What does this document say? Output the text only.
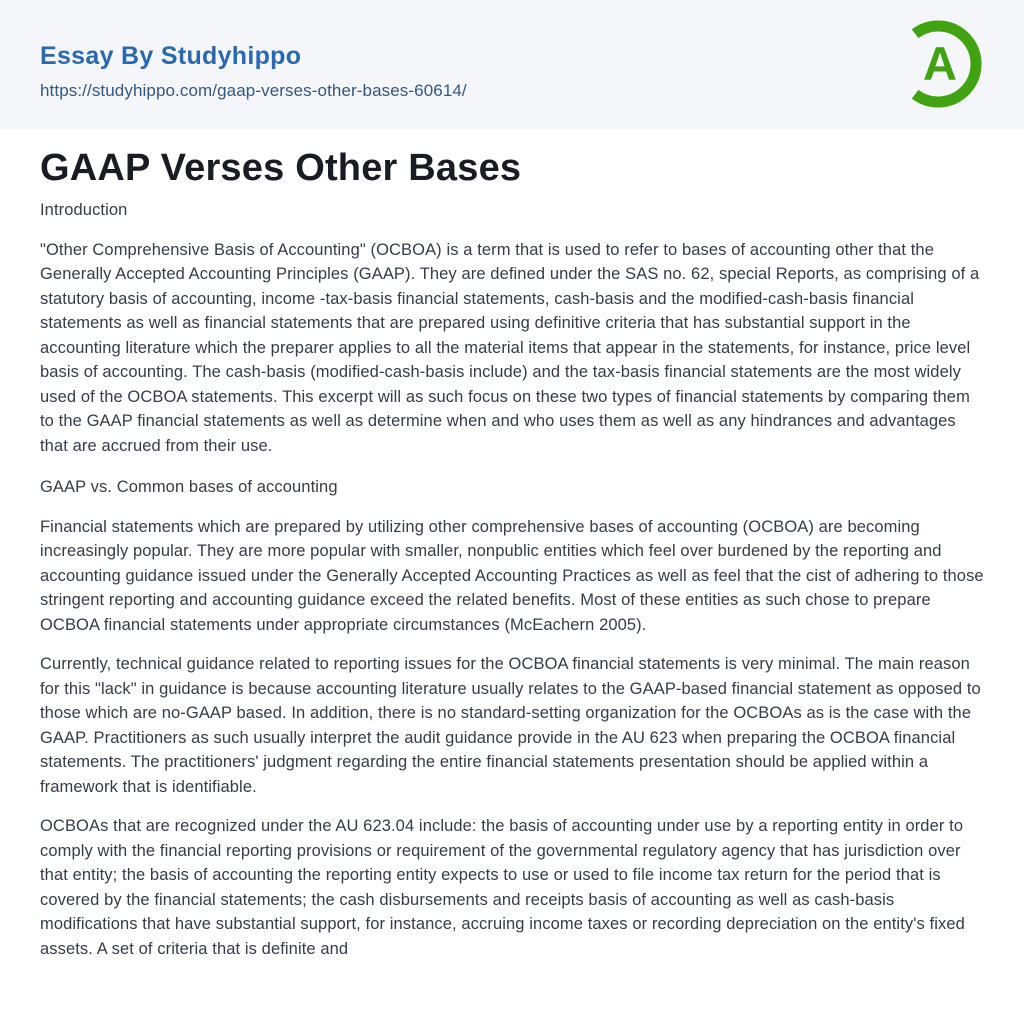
Essay By Studyhippo
https://studyhippo.com/gaap-verses-other-bases-60614/
A
GAAP Verses Other Bases
Introduction
"Other Comprehensive Basis of Accounting" (OCBOA) is a term that is used to refer to bases of accounting other that the Generally Accepted Accounting Principles (GAAP). They are defined under the SAS no. 62, special Reports, as comprising of a statutory basis of accounting, income -tax-basis financial statements, cash-basis and the modified-cash-basis financial statements as well as financial statements that are prepared using definitive criteria that has substantial support in the accounting literature which the preparer applies to all the material items that appear in the statements, for instance, price level basis of accounting. The cash-basis (modified-cash-basis include) and the tax-basis financial statements are the most widely used of the OCBOA statements. This excerpt will as such focus on these two types of financial statements by comparing them to the GAAP financial statements as well as determine when and who uses them as well as any hindrances and advantages that are accrued from their use.
GAAP vs. Common bases of accounting
Financial statements which are prepared by utilizing other comprehensive bases of accounting (OCBOA) are becoming increasingly popular. They are more popular with smaller, nonpublic entities which feel over burdened by the reporting and accounting guidance issued under the Generally Accepted Accounting Practices as well as feel that the cist of adhering to those stringent reporting and accounting guidance exceed the related benefits. Most of these entities as such chose to prepare OCBOA financial statements under appropriate circumstances (McEachern 2005).
Currently, technical guidance related to reporting issues for the OCBOA financial statements is very minimal. The main reason for this "lack" in guidance is because accounting literature usually relates to the GAAP-based financial statement as opposed to those which are no-GAAP based. In addition, there is no standard-setting organization for the OCBOAs as is the case with the GAAP. Practitioners as such usually interpret the audit guidance provide in the AU 623 when preparing the OCBOA financial statements. The practitioners' judgment regarding the entire financial statements presentation should be applied within a framework that is identifiable.
OCBOAs that are recognized under the AU 623.04 include: the basis of accounting under use by a reporting entity in order to comply with the financial reporting provisions or requirement of the governmental regulatory agency that has jurisdiction over that entity; the basis of accounting the reporting entity expects to use or used to file income tax return for the period that is covered by the financial statements; the cash disbursements and receipts basis of accounting as well as cash-basis modifications that have substantial support, for instance, accruing income taxes or recording depreciation on the entity's fixed assets. A set of criteria that is definite and
